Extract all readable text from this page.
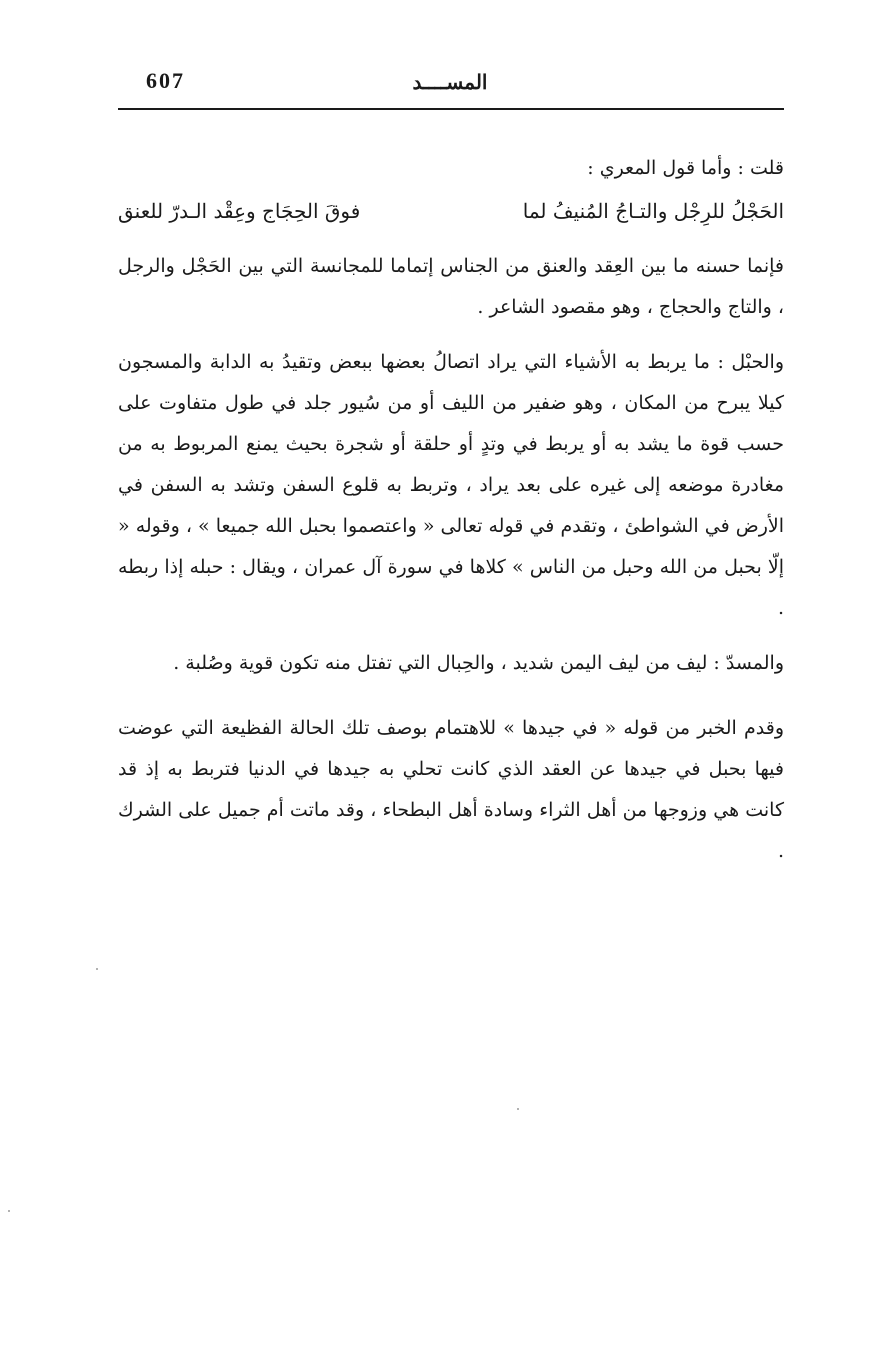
607	المســــد

قلت : وأما قول المعري :

الحَجْلُ للرِجْل والتـاجُ المُنيفُ لما
فوقَ الحِجَاج وعِقْد الـدرّ للعنق

فإنما حسنه ما بين العِقد والعنق من الجناس إتماما للمجانسة التي بين الحَجْل والرجل ، والتاج والحجاج ، وهو مقصود الشاعر .

والحبْل : ما يربط به الأشياء التي يراد اتصالُ بعضها ببعض وتقيدُ به الدابة والمسجون كيلا يبرح من المكان ، وهو ضفير من الليف أو من سُيور جلد في طول متفاوت على حسب قوة ما يشد به أو يربط في وتدٍ أو حلقة أو شجرة بحيث يمنع المربوط به من مغادرة موضعه إلى غيره على بعد يراد ، وتربط به قلوع السفن وتشد به السفن في الأرض في الشواطئ ، وتقدم في قوله تعالى « واعتصموا بحبل الله جميعا » ، وقوله « إلّا بحبل من الله وحبل من الناس » كلاها في سورة آل عمران ، ويقال : حبله إذا ربطه .

والمسدّ : ليف من ليف اليمن شديد ، والحِبال التي تفتل منه تكون قوية وصُلبة .

وقدم الخبر من قوله « في جيدها » للاهتمام بوصف تلك الحالة الفظيعة التي عوضت فيها بحبل في جيدها عن العقد الذي كانت تحلي به جيدها في الدنيا فتربط به إذ قد كانت هي وزوجها من أهل الثراء وسادة أهل البطحاء ، وقد ماتت أم جميل على الشرك .
